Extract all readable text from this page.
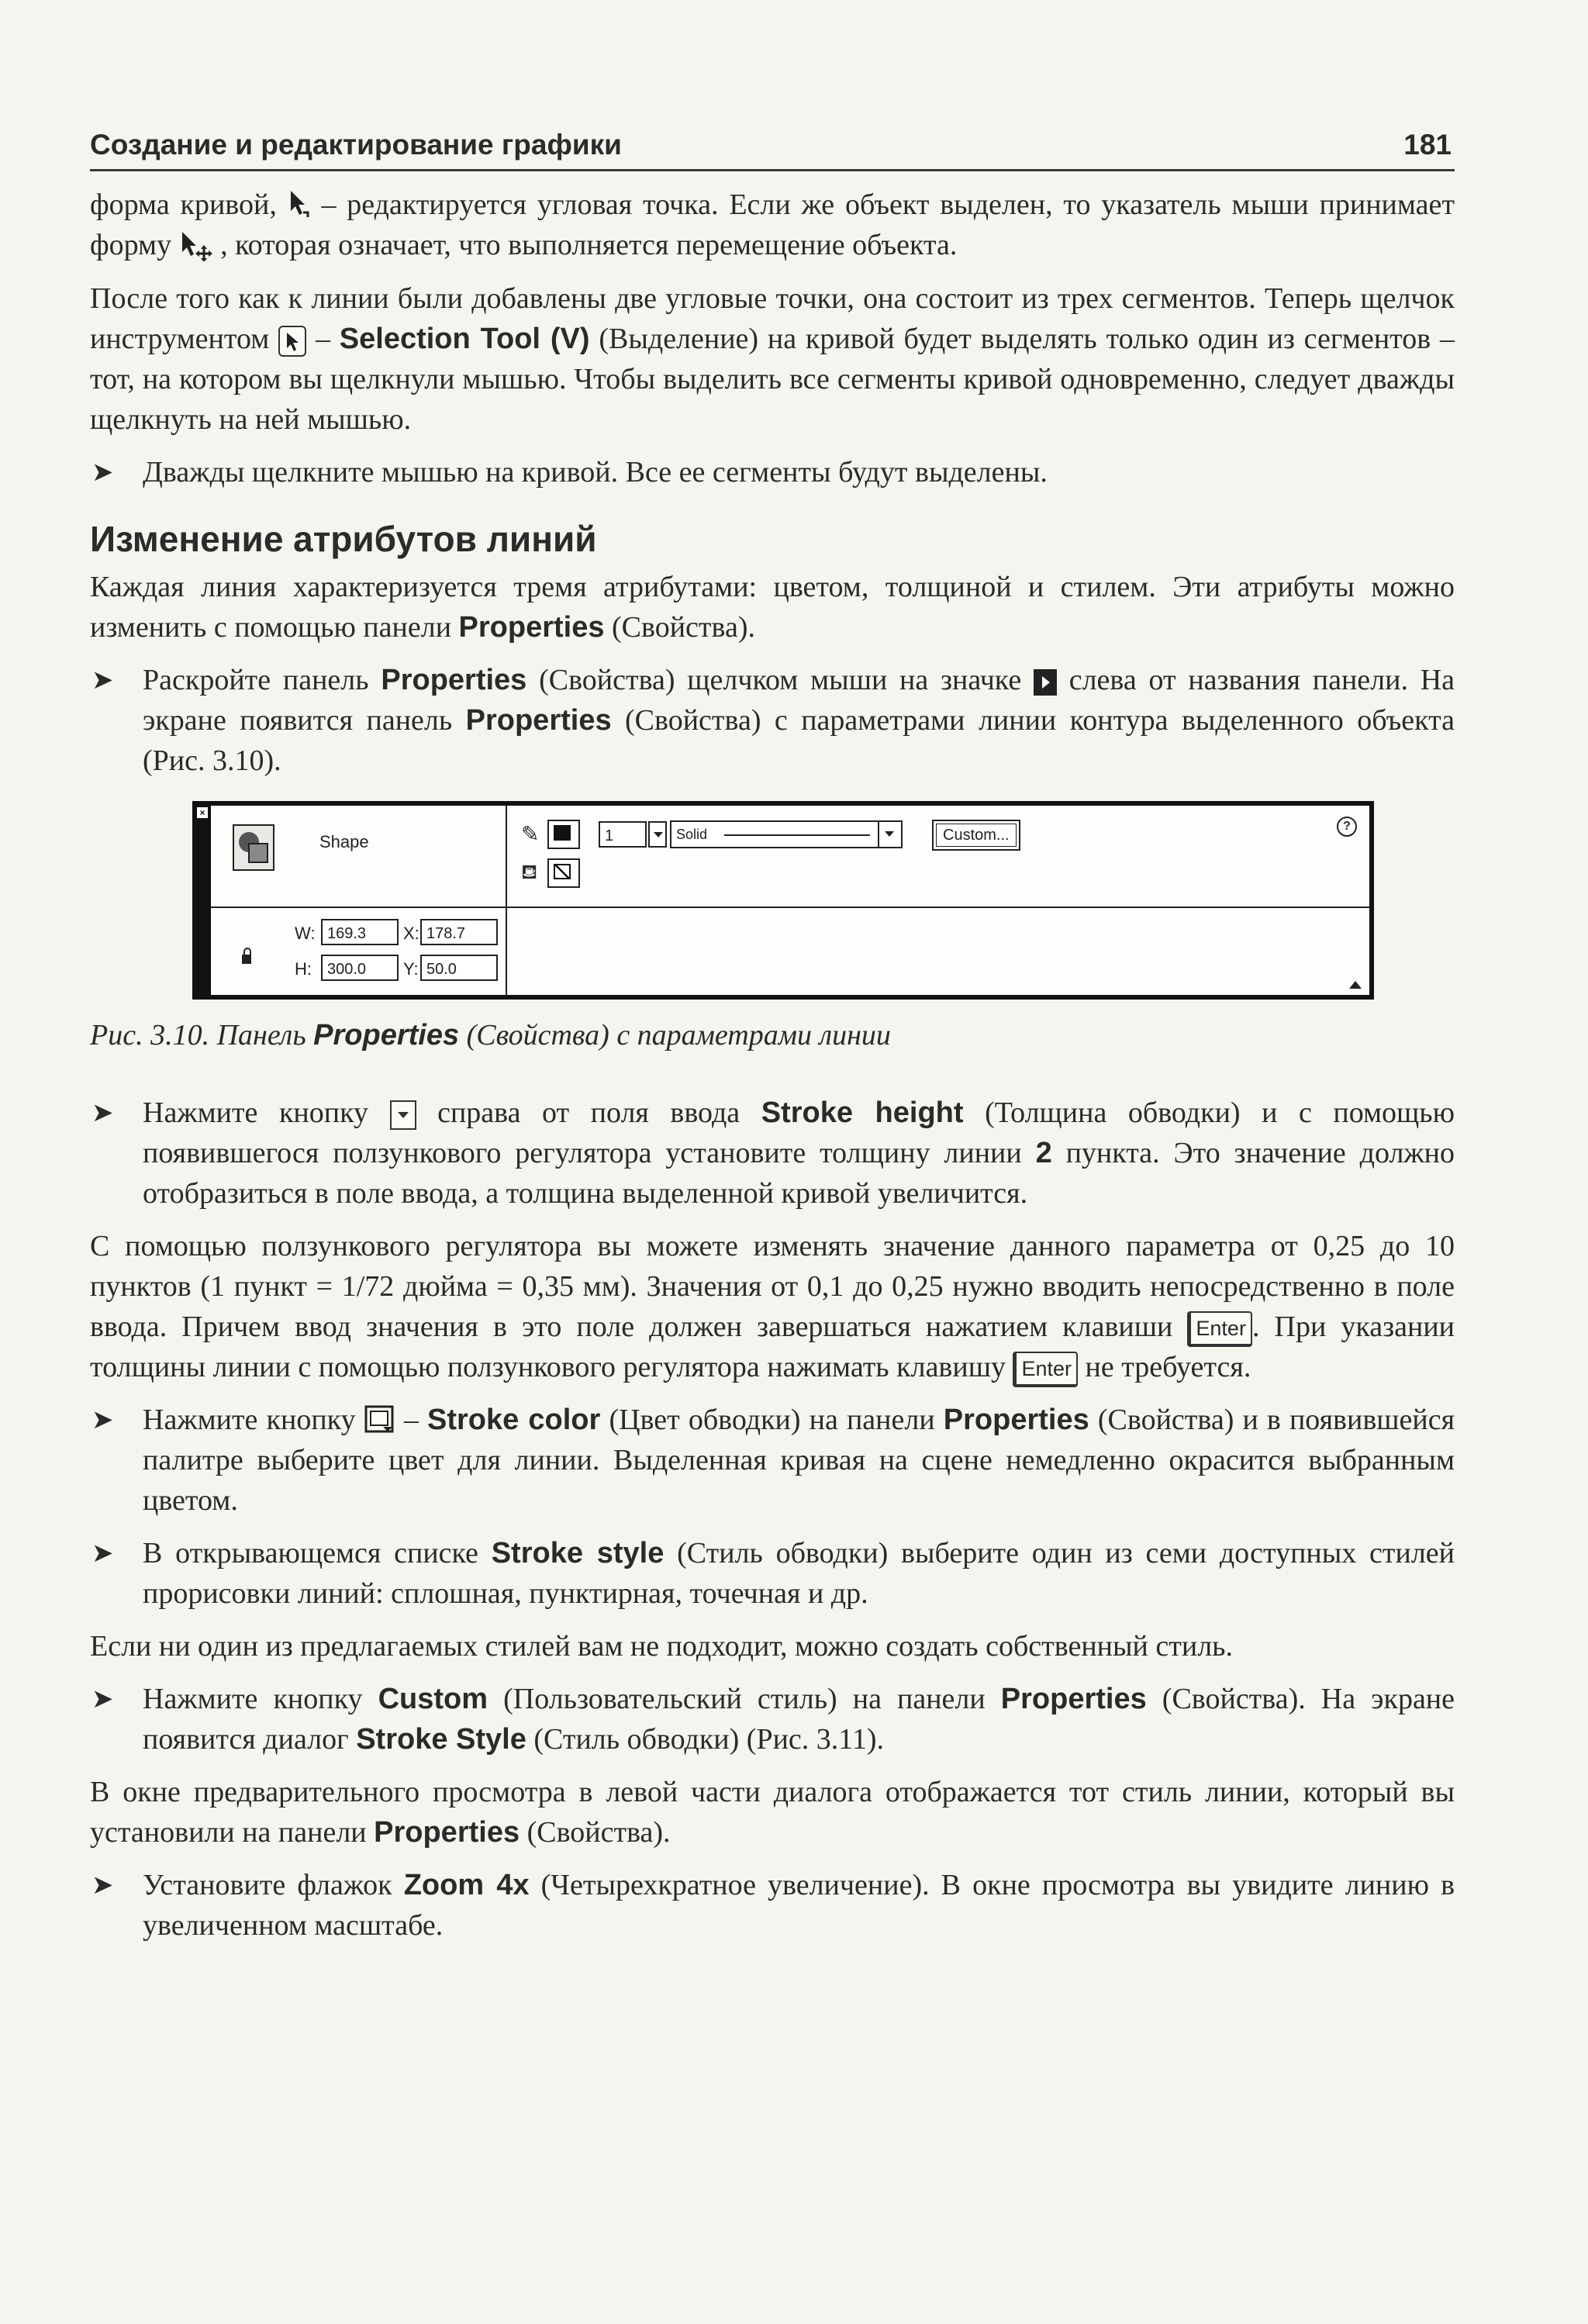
Создание и редактирование графики	181

форма кривой, – редактируется угловая точка. Если же объект выделен, то указатель мыши принимает форму , которая означает, что выполняется перемещение объекта.

После того как к линии были добавлены две угловые точки, она состоит из трех сегментов. Теперь щелчок инструментом – Selection Tool (V) (Выделение) на кривой будет выделять только один из сегментов – тот, на котором вы щелкнули мышью. Чтобы выделить все сегменты кривой одновременно, следует дважды щелкнуть на ней мышью.

➤ Дважды щелкните мышью на кривой. Все ее сегменты будут выделены.

Изменение атрибутов линий

Каждая линия характеризуется тремя атрибутами: цветом, толщиной и стилем. Эти атрибуты можно изменить с помощью панели Properties (Свойства).

➤ Раскройте панель Properties (Свойства) щелчком мыши на значке слева от названия панели. На экране появится панель Properties (Свойства) с параметрами линии контура выделенного объекта (Рис. 3.10).

×
Shape	✎
⛾
1	Solid	Custom...
?
W: 169.3	X: 178.7
H:	300.0	Y: 50.0

Рис. 3.10. Панель Properties (Свойства) с параметрами линии

➤ Нажмите кнопку справа от поля ввода Stroke height (Толщина обводки) и с помощью появившегося ползункового регулятора установите толщину линии 2 пункта. Это значение должно отобразиться в поле ввода, а толщина выделенной кривой увеличится.

С помощью ползункового регулятора вы можете изменять значение данного параметра от 0,25 до 10 пунктов (1 пункт = 1/72 дюйма = 0,35 мм). Значения от 0,1 до 0,25 нужно вводить непосредственно в поле ввода. Причем ввод значения в это поле должен завершаться нажатием клавиши Enter . При указании толщины линии с помощью ползункового регулятора нажимать клавишу Enter не требуется.

➤ Нажмите кнопку – Stroke color (Цвет обводки) на панели Properties (Свойства) и в появившейся палитре выберите цвет для линии. Выделенная кривая на сцене немедленно окрасится выбранным цветом.

➤ В открывающемся списке Stroke style (Стиль обводки) выберите один из семи доступных стилей прорисовки линий: сплошная, пунктирная, точечная и др.

Если ни один из предлагаемых стилей вам не подходит, можно создать собственный стиль.

➤ Нажмите кнопку Custom (Пользовательский стиль) на панели Properties (Свойства). На экране появится диалог Stroke Style (Стиль обводки) (Рис. 3.11).

В окне предварительного просмотра в левой части диалога отображается тот стиль линии, который вы установили на панели Properties (Свойства).

➤ Установите флажок Zoom 4x (Четырехкратное увеличение). В окне просмотра вы увидите линию в увеличенном масштабе.
